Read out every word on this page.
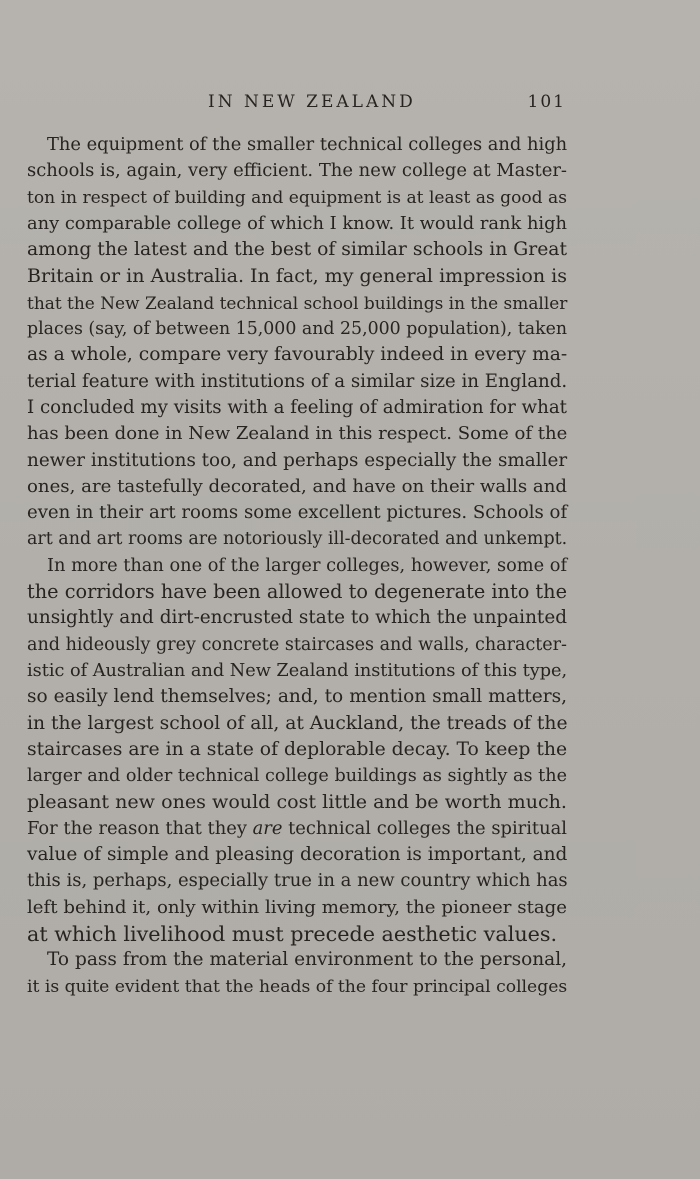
IN NEW ZEALAND	101
The equipment of the smaller technical colleges and high
schools is, again, very efficient. The new college at Master-
ton in respect of building and equipment is at least as good as
any comparable college of which I know. It would rank high
among the latest and the best of similar schools in Great
Britain or in Australia. In fact, my general impression is
that the New Zealand technical school buildings in the smaller
places (say, of between 15,000 and 25,000 population), taken
as a whole, compare very favourably indeed in every ma-
terial feature with institutions of a similar size in England.
I concluded my visits with a feeling of admiration for what
has been done in New Zealand in this respect. Some of the
newer institutions too, and perhaps especially the smaller
ones, are tastefully decorated, and have on their walls and
even in their art rooms some excellent pictures. Schools of
art and art rooms are notoriously ill-decorated and unkempt.
In more than one of the larger colleges, however, some of
the corridors have been allowed to degenerate into the
unsightly and dirt-encrusted state to which the unpainted
and hideously grey concrete staircases and walls, character-
istic of Australian and New Zealand institutions of this type,
so easily lend themselves; and, to mention small matters,
in the largest school of all, at Auckland, the treads of the
staircases are in a state of deplorable decay. To keep the
larger and older technical college buildings as sightly as the
pleasant new ones would cost little and be worth much.
For the reason that they are technical colleges the spiritual
value of simple and pleasing decoration is important, and
this is, perhaps, especially true in a new country which has
left behind it, only within living memory, the pioneer stage
at which livelihood must precede aesthetic values.
To pass from the material environment to the personal,
it is quite evident that the heads of the four principal colleges
